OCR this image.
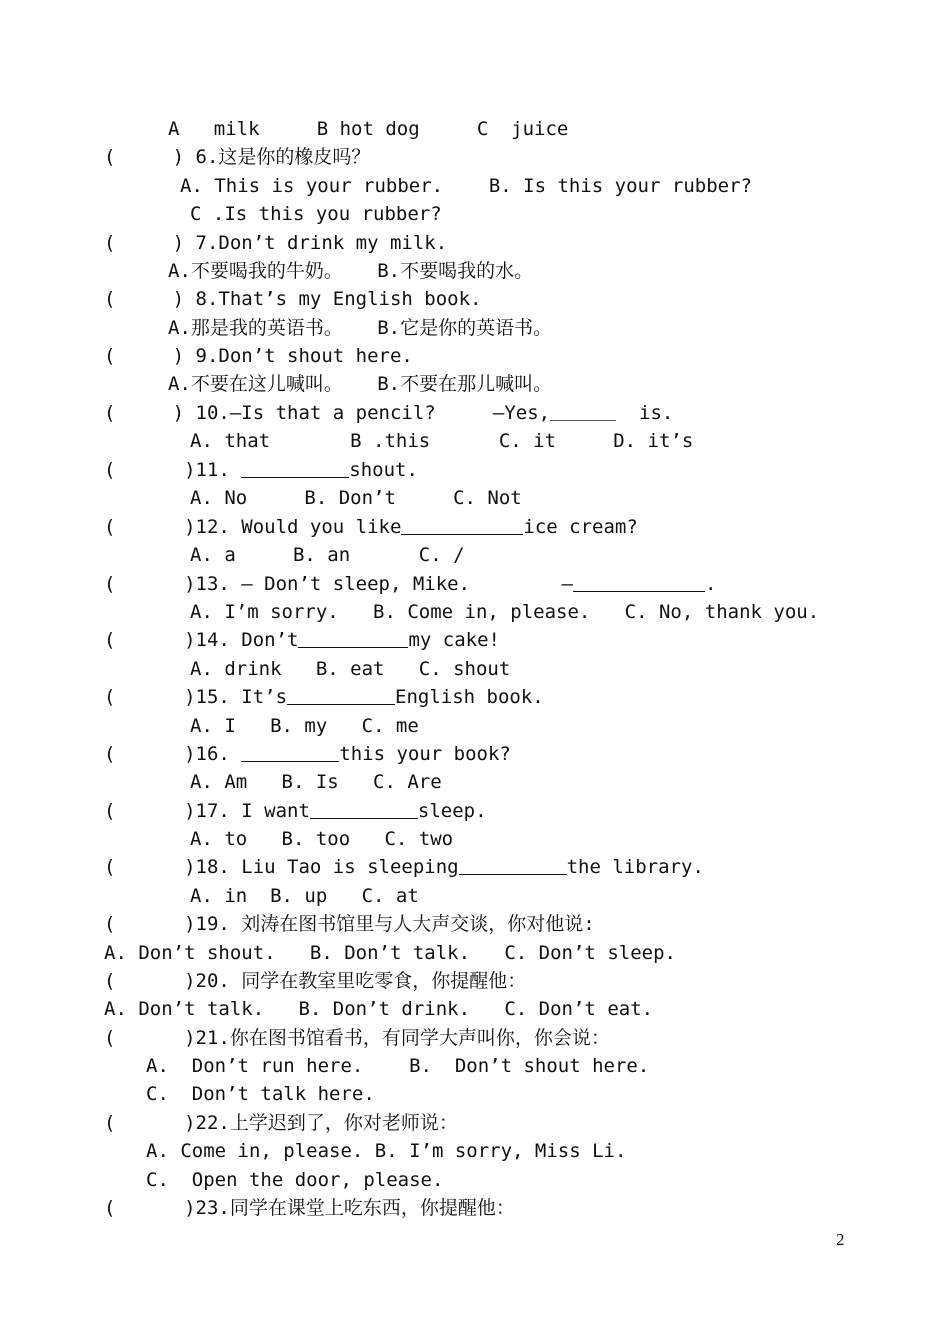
A   milk     B hot dog     C  juice
(     ) 6.这是你的橡皮吗？
A. This is your rubber.    B. Is this your rubber?
C .Is this you rubber?
(     ) 7.Don’t drink my milk.
A.不要喝我的牛奶。   B.不要喝我的水。
(     ) 8.That’s my English book.
A.那是我的英语书。   B.它是你的英语书。
(     ) 9.Don’t shout here.
A.不要在这儿喊叫。   B.不要在那儿喊叫。
(     ) 10.—Is that a pencil?     —Yes,	is.
A. that       B .this      C. it     D. it’s
(      )11.	shout.
A. No     B. Don’t     C. Not
(      )12. Would you like	ice cream?
A. a     B. an      C. /
(      )13. — Don’t sleep, Mike.        —	.
A. I’m sorry.   B. Come in, please.   C. No, thank you.
(      )14. Don’t	my cake!
A. drink   B. eat   C. shout
(      )15. It’s	English book.
A. I   B. my   C. me
(      )16.	this your book?
A. Am   B. Is   C. Are
(      )17. I want	sleep.
A. to   B. too   C. two
(      )18. Liu Tao is sleeping	the library.
A. in  B. up   C. at
(      )19. 刘涛在图书馆里与人大声交谈，你对他说:
A. Don’t shout.   B. Don’t talk.   C. Don’t sleep.
(      )20. 同学在教室里吃零食，你提醒他：
A. Don’t talk.   B. Don’t drink.   C. Don’t eat.
(      )21.你在图书馆看书，有同学大声叫你，你会说：
A.  Don’t run here.    B.  Don’t shout here.
C.  Don’t talk here.
(      )22.上学迟到了，你对老师说：
A. Come in, please. B. I’m sorry, Miss Li.
C.  Open the door, please.
(      )23.同学在课堂上吃东西，你提醒他：
2
